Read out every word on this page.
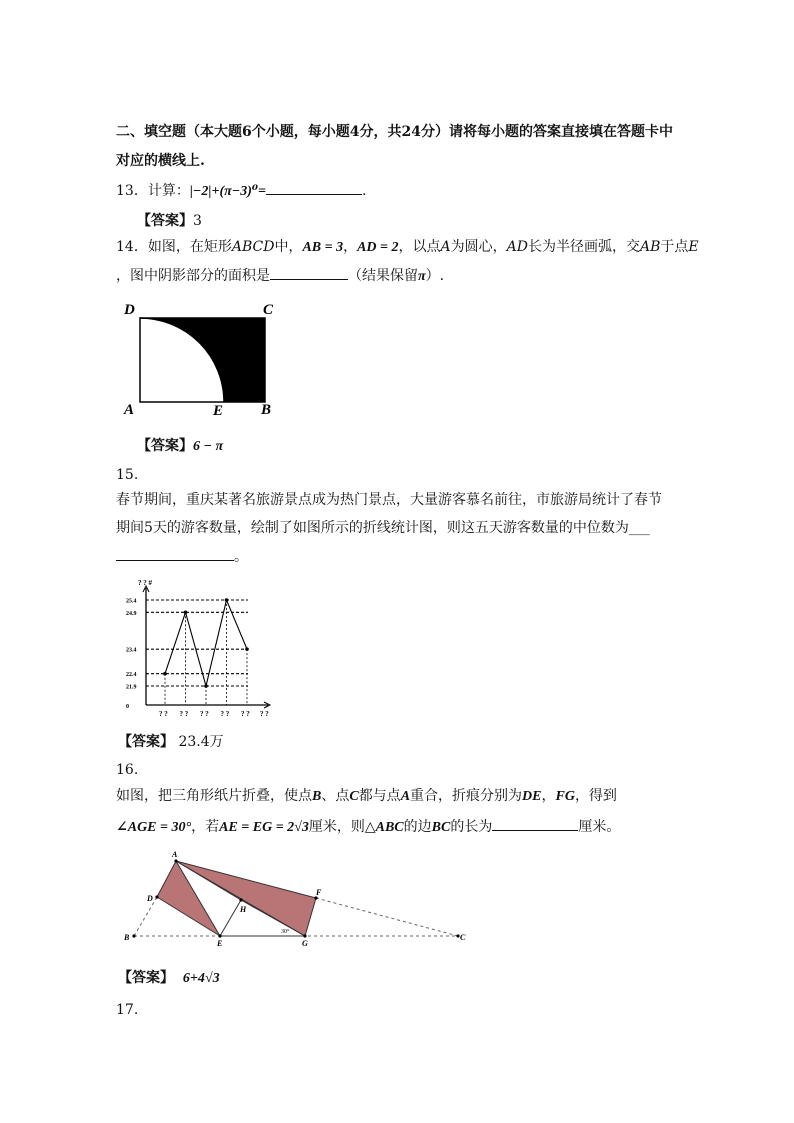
二、填空题（本大题6个小题，每小题4分，共24分）请将每小题的答案直接填在答题卡中
对应的横线上.
13．计算：|−2|+(π−3)⁰=	.
【答案】3
14．如图，在矩形ABCD中，AB = 3，AD = 2，以点A为圆心，AD长为半径画弧，交AB于点E
，图中阴影部分的面积是	（结果保留π）.
D	C
A	E	B
【答案】6 − π
15.
春节期间，重庆某著名旅游景点成为热门景点，大量游客慕名前往，市旅游局统计了春节
期间5天的游客数量，绘制了如图所示的折线统计图，则这五天游客数量的中位数为___
。
? ? #
? ?
0
21.9
22.4
23.4
24.9
25.4
? ? ? ? ? ? ? ? ? ?
【答案】 23.4万
16.
如图，把三角形纸片折叠，使点B、点C都与点A重合，折痕分别为DE，FG，得到
∠AGE = 30°，若AE = EG = 2√3厘米，则△ABC的边BC的长为	厘米。
A
D
H
F
B
E	G
C
30°
【答案】 6+4√3
17.
